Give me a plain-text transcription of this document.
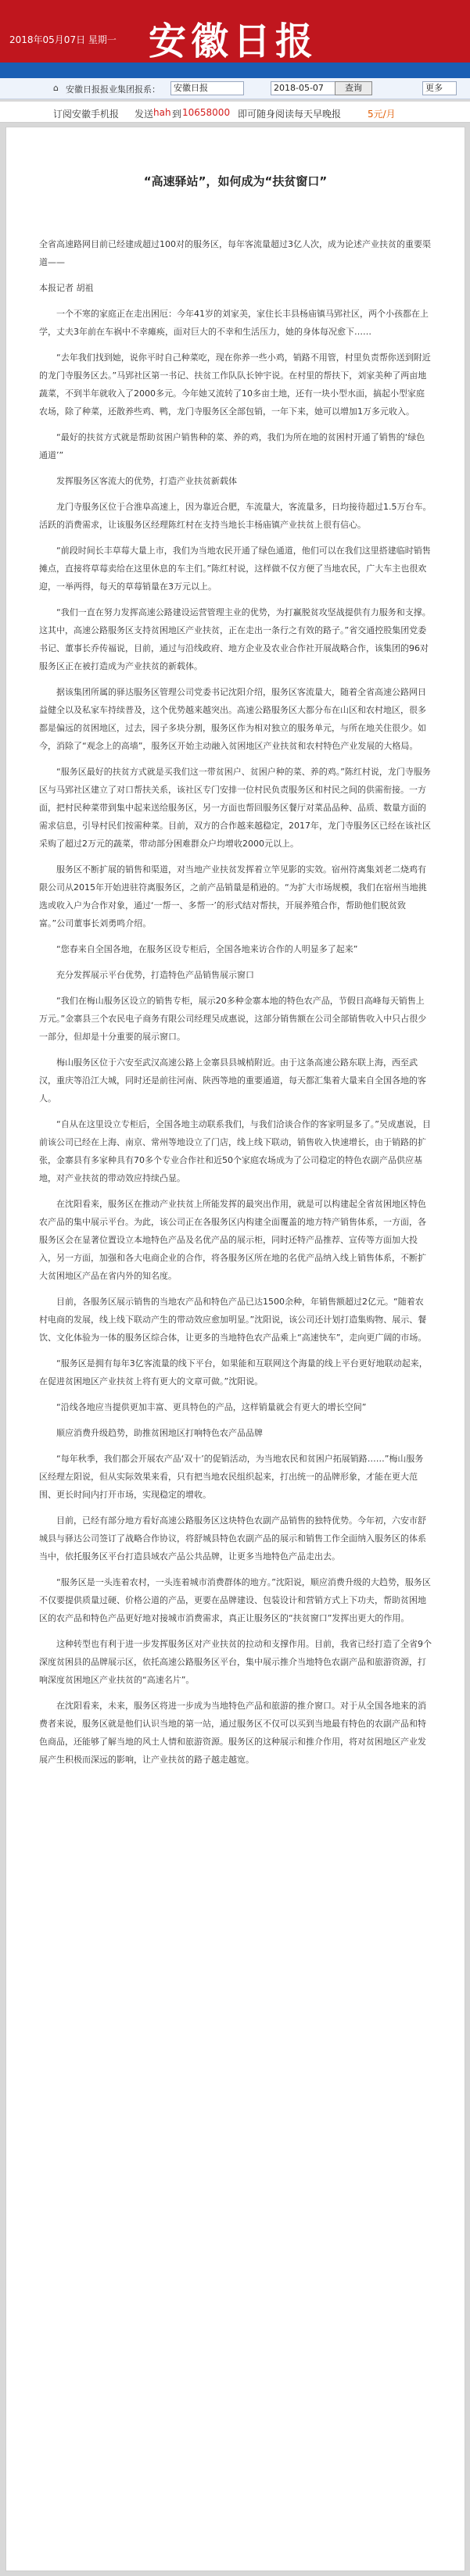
2018年05月07日 星期一 安徽日报
⌂ 安徽日报报业集团报系：	安徽日报	2018-05-07	查询	更多
订阅安徽手机报 发送 hah 到 10658000 即可随身阅读每天早晚报	5元/月
“高速驿站”，如何成为“扶贫窗口”

全省高速路网目前已经建成超过100对的服务区，每年客流量超过3亿人次，成为论述产业扶贫的重要渠道——

本报记者 胡祖

一个不寒的家庭正在走出困厄：今年41岁的刘家美，家住长丰县杨庙镇马郢社区，两个小孩都在上学，丈夫3年前在车祸中不幸瘫痪，面对巨大的不幸和生活压力，她的身体每况愈下……

“去年我们找到她，说你平时自己种菜吃，现在你养一些小鸡，销路不用管，村里负责帮你送到附近的龙门寺服务区去。”马郢社区第一书记、扶贫工作队队长钟宇说。在村里的帮扶下，刘家美种了两亩地蔬菜，不到半年就收入了2000多元。今年她又流转了10多亩土地，还有一块小型水面，搞起小型家庭农场，除了种菜，还散养些鸡、鸭，龙门寺服务区全部包销，一年下来，她可以增加1万多元收入。

“最好的扶贫方式就是帮助贫困户销售种的菜、养的鸡，我们为所在地的贫困村开通了销售的‘绿色通道’”

发挥服务区客流大的优势，打造产业扶贫新载体

龙门寺服务区位于合淮阜高速上，因为靠近合肥，车流量大，客流量多，日均接待超过1.5万台车。活跃的消费需求，让该服务区经理陈红村在支持当地长丰杨庙镇产业扶贫上很有信心。

“前段时间长丰草莓大量上市，我们为当地农民开通了绿色通道，他们可以在我们这里搭建临时销售摊点，直接将草莓卖给在这里休息的车主们。”陈红村说，这样做不仅方便了当地农民，广大车主也很欢迎，一举两得，每天的草莓销量在3万元以上。

“我们一直在努力发挥高速公路建设运营管理主业的优势，为打赢脱贫攻坚战提供有力服务和支撑。这其中，高速公路服务区支持贫困地区产业扶贫，正在走出一条行之有效的路子。”省交通控股集团党委书记、董事长乔传福说，目前，通过与沿线政府、地方企业及农业合作社开展战略合作，该集团的96对服务区正在被打造成为产业扶贫的新载体。

据该集团所属的驿达服务区管理公司党委书记沈阳介绍，服务区客流量大，随着全省高速公路网日益健全以及私家车持续普及，这个优势越来越突出。高速公路服务区大都分布在山区和农村地区，很多都是偏远的贫困地区，过去，园子多块分割，服务区作为相对独立的服务单元，与所在地关住很少。如今，消除了“观念上的高墙”，服务区开始主动融入贫困地区产业扶贫和农村特色产业发展的大格局。

“服务区最好的扶贫方式就是买我们这一带贫困户、贫困户种的菜、养的鸡。”陈红村说，龙门寺服务区与马郢社区建立了对口帮扶关系，该社区专门安排一位村民负责服务区和村民之间的供需衔接。一方面，把村民种菜带到集中起来送给服务区，另一方面也帮回服务区餐厅对菜品品种、品质、数量方面的需求信息，引导村民们按需种菜。目前，双方的合作越来越稳定，2017年，龙门寺服务区已经在该社区采购了超过2万元的蔬菜，带动部分困难群众户均增收2000元以上。

服务区不断扩展的销售和渠道，对当地产业扶贫发挥着立竿见影的实效。宿州符离集刘老二烧鸡有限公司从2015年开始进驻符离服务区，之前产品销量是稍逊的。“为扩大市场规模，我们在宿州当地挑选或收入户为合作对象，通过‘一帮一、多帮一’的形式结对帮扶，开展养殖合作，帮助他们脱贫致富。”公司董事长刘勇鸣介绍。

“您春来自全国各地，在服务区设专柜后，全国各地来访合作的人明显多了起来”

充分发挥展示平台优势，打造特色产品销售展示窗口

“我们在梅山服务区设立的销售专柜，展示20多种金寨本地的特色农产品，节假日高峰每天销售上万元。”金寨县三个农民电子商务有限公司经理吴成惠说，这部分销售额在公司全部销售收入中只占很少一部分，但却是十分重要的展示窗口。

梅山服务区位于六安至武汉高速公路上金寨县县城梢附近。由于这条高速公路东联上海，西至武汉，重庆等沿江大城，同时还是前往河南、陕西等地的重要通道，每天都汇集着大量来自全国各地的客人。

“自从在这里设立专柜后，全国各地主动联系我们，与我们洽谈合作的客家明显多了。”吴成惠说，目前该公司已经在上海、南京、常州等地设立了门店，线上线下联动，销售收入快速增长，由于销路的扩张，金寨县有多家种具有70多个专业合作社和近50个家庭农场成为了公司稳定的特色农副产品供应基地，对产业扶贫的带动效应持续凸显。

在沈阳看来，服务区在推动产业扶贫上所能发挥的最突出作用，就是可以构建起全省贫困地区特色农产品的集中展示平台。为此，该公司正在各服务区内构建全面覆盖的地方特产销售体系，一方面，各服务区会在显著位置设立本地特色产品及名优产品的展示柜，同时还特产品推荐、宣传等方面加大投入，另一方面，加强和各大电商企业的合作，将各服务区所在地的名优产品纳入线上销售体系，不断扩大贫困地区产品在省内外的知名度。

目前，各服务区展示销售的当地农产品和特色产品已达1500余种，年销售额超过2亿元。“随着农村电商的发展，线上线下联动产生的带动效应愈加明显。”沈阳说，该公司还计划打造集购物、展示、餐饮、文化体验为一体的服务区综合体，让更多的当地特色农产品乘上“高速快车”，走向更广阔的市场。

“服务区是拥有每年3亿客流量的线下平台，如果能和互联网这个海量的线上平台更好地联动起来，在促进贫困地区产业扶贫上将有更大的文章可做。”沈阳说。

“沿线各地应当提供更加丰富、更具特色的产品，这样销量就会有更大的增长空间”

顺应消费升级趋势，助推贫困地区打响特色农产品品牌

“每年秋季，我们都会开展农产品‘双十’的促销活动，为当地农民和贫困户拓展销路……”梅山服务区经理左阳说，但从实际效果来看，只有把当地农民组织起来，打出统一的品牌形象，才能在更大范围、更长时间内打开市场，实现稳定的增收。

目前，已经有部分地方看好高速公路服务区这块特色农副产品销售的独特优势。今年初，六安市舒城县与驿达公司签订了战略合作协议，将舒城县特色农副产品的展示和销售工作全面纳入服务区的体系当中，依托服务区平台打造县域农产品公共品牌，让更多当地特色产品走出去。

“服务区是一头连着农村，一头连着城市消费群体的地方。”沈阳说，顺应消费升级的大趋势，服务区不仅要提供质量过硬、价格公道的产品，更要在品牌建设、包装设计和营销方式上下功夫，帮助贫困地区的农产品和特色产品更好地对接城市消费需求，真正让服务区的“扶贫窗口”发挥出更大的作用。

这种转型也有利于进一步发挥服务区对产业扶贫的拉动和支撑作用。目前，我省已经打造了全省9个深度贫困县的品牌展示区，依托高速公路服务区平台，集中展示推介当地特色农副产品和旅游资源，打响深度贫困地区产业扶贫的“高速名片”。

在沈阳看来，未来，服务区将进一步成为当地特色产品和旅游的推介窗口。对于从全国各地来的消费者来说，服务区就是他们认识当地的第一站，通过服务区不仅可以买到当地最有特色的农副产品和特色商品，还能够了解当地的风土人情和旅游资源。服务区的这种展示和推介作用，将对贫困地区产业发展产生积极而深远的影响，让产业扶贫的路子越走越宽。
